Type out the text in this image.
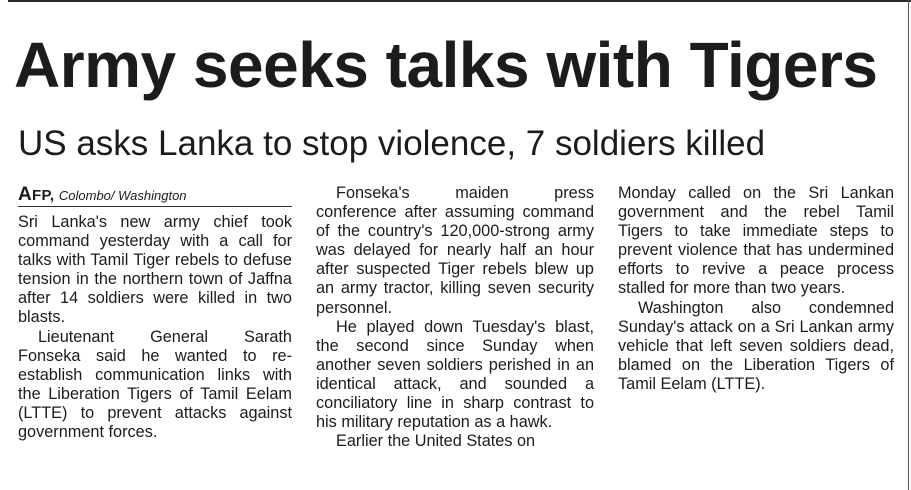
Army seeks talks with Tigers
US asks Lanka to stop violence, 7 soldiers killed
AFP, Colombo/ Washington

Sri Lanka's new army chief took command yesterday with a call for talks with Tamil Tiger rebels to defuse tension in the northern town of Jaffna after 14 soldiers were killed in two blasts.

Lieutenant General Sarath Fonseka said he wanted to re-establish communication links with the Liberation Tigers of Tamil Eelam (LTTE) to prevent attacks against government forces.

Fonseka's maiden press conference after assuming command of the country's 120,000-strong army was delayed for nearly half an hour after suspected Tiger rebels blew up an army tractor, killing seven security personnel.

He played down Tuesday's blast, the second since Sunday when another seven soldiers perished in an identical attack, and sounded a conciliatory line in sharp contrast to his military reputation as a hawk.

Earlier the United States on

Monday called on the Sri Lankan government and the rebel Tamil Tigers to take immediate steps to prevent violence that has undermined efforts to revive a peace process stalled for more than two years.

Washington also condemned Sunday's attack on a Sri Lankan army vehicle that left seven soldiers dead, blamed on the Liberation Tigers of Tamil Eelam (LTTE).
